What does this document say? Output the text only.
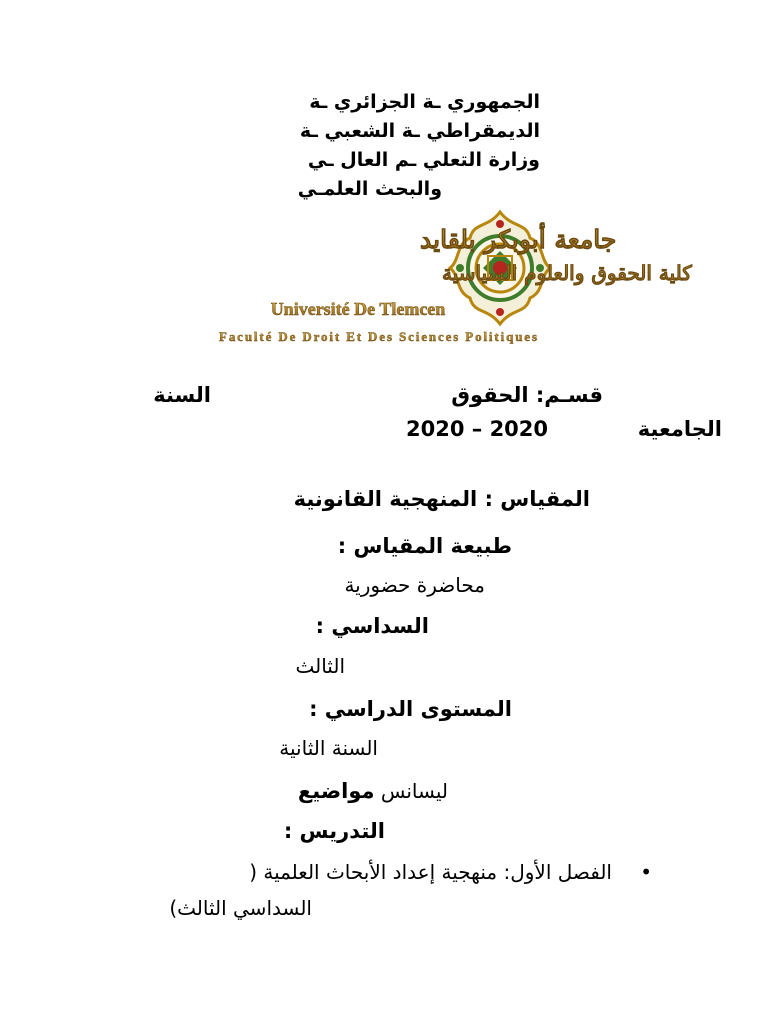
الجمهوري ـة الجزائري ـة
الديمقراطي ـة الشعبي ـة
وزارة التعلي ـم العال ـي
والبحث العلمـي
جامعة أبوبكر بلقايد
كلية الحقوق والعلوم السياسية
Université De Tlemcen
Faculté De Droit Et Des Sciences Politiques
قسـم: الحقوق
السنة
الجامعية
2020 – 2020
المقياس : المنهجية القانونية
طبيعة المقياس :
محاضرة حضورية
السداسي :
الثالث
المستوى الدراسي :
السنة الثانية
ليسانس مواضيع
التدريس :
•
الفصل الأول: منهجية إعداد الأبحاث العلمية (
السداسي الثالث)
